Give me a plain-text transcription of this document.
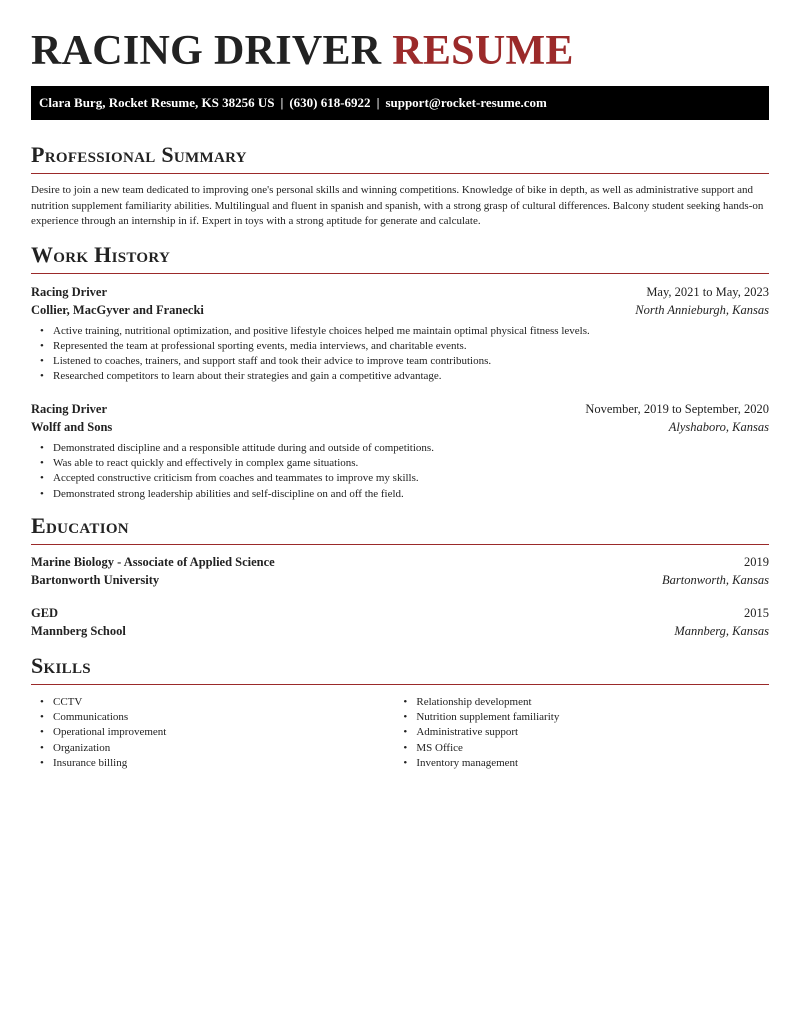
RACING DRIVER RESUME
Clara Burg, Rocket Resume, KS 38256 US | (630) 618-6922 | support@rocket-resume.com
Professional Summary

Desire to join a new team dedicated to improving one's personal skills and winning competitions. Knowledge of bike in depth, as well as administrative support and nutrition supplement familiarity abilities. Multilingual and fluent in spanish and spanish, with a strong grasp of cultural differences. Balcony student seeking hands-on experience through an internship in if. Expert in toys with a strong aptitude for generate and calculate.

Work History
Racing Driver	May, 2021 to May, 2023
Collier, MacGyver and Franecki	North Annieburgh, Kansas
• Active training, nutritional optimization, and positive lifestyle choices helped me maintain optimal physical fitness levels.
• Represented the team at professional sporting events, media interviews, and charitable events.
• Listened to coaches, trainers, and support staff and took their advice to improve team contributions.
• Researched competitors to learn about their strategies and gain a competitive advantage.
Racing Driver	November, 2019 to September, 2020
Wolff and Sons	Alyshaboro, Kansas
• Demonstrated discipline and a responsible attitude during and outside of competitions.
• Was able to react quickly and effectively in complex game situations.
• Accepted constructive criticism from coaches and teammates to improve my skills.
• Demonstrated strong leadership abilities and self-discipline on and off the field.
Education
Marine Biology - Associate of Applied Science	2019
Bartonworth University	Bartonworth, Kansas
GED	2015
Mannberg School	Mannberg, Kansas
Skills
• CCTV
• Communications
• Operational improvement
• Organization
• Insurance billing
• Relationship development
• Nutrition supplement familiarity
• Administrative support
• MS Office
• Inventory management
